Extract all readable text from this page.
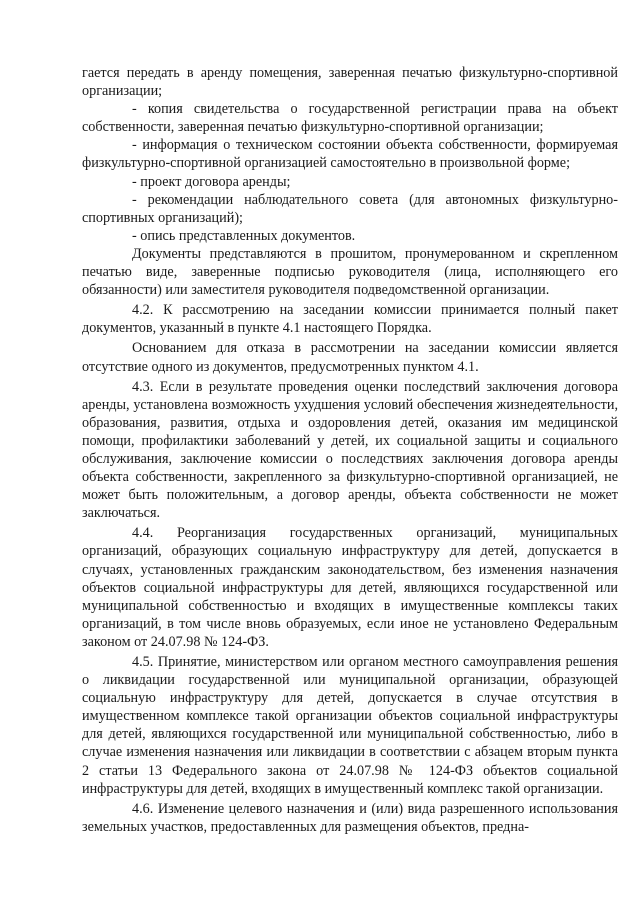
гается передать в аренду помещения, заверенная печатью физкультурно-спортивной организации;

- копия свидетельства о государственной регистрации права на объект собственности, заверенная печатью физкультурно-спортивной организации;

- информация о техническом состоянии объекта собственности, формируемая физкультурно-спортивной организацией самостоятельно в произвольной форме;

- проект договора аренды;

- рекомендации наблюдательного совета (для автономных физкультурно-спортивных организаций);

- опись представленных документов.

Документы представляются в прошитом, пронумерованном и скрепленном печатью виде, заверенные подписью руководителя (лица, исполняющего его обязанности) или заместителя руководителя подведомственной организации.

4.2. К рассмотрению на заседании комиссии принимается полный пакет документов, указанный в пункте 4.1 настоящего Порядка.

Основанием для отказа в рассмотрении на заседании комиссии является отсутствие одного из документов, предусмотренных пунктом 4.1.

4.3. Если в результате проведения оценки последствий заключения договора аренды, установлена возможность ухудшения условий обеспечения жизнедеятельности, образования, развития, отдыха и оздоровления детей, оказания им медицинской помощи, профилактики заболеваний у детей, их социальной защиты и социального обслуживания, заключение комиссии о последствиях заключения договора аренды объекта собственности, закрепленного за физкультурно-спортивной организацией, не может быть положительным, а договор аренды, объекта собственности не может заключаться.

4.4. Реорганизация государственных организаций, муниципальных организаций, образующих социальную инфраструктуру для детей, допускается в случаях, установленных гражданским законодательством, без изменения назначения объектов социальной инфраструктуры для детей, являющихся государственной или муниципальной собственностью и входящих в имущественные комплексы таких организаций, в том числе вновь образуемых, если иное не установлено Федеральным законом от 24.07.98 № 124-ФЗ.

4.5. Принятие, министерством или органом местного самоуправления решения о ликвидации государственной или муниципальной организации, образующей социальную инфраструктуру для детей, допускается в случае отсутствия в имущественном комплексе такой организации объектов социальной инфраструктуры для детей, являющихся государственной или муниципальной собственностью, либо в случае изменения назначения или ликвидации в соответствии с абзацем вторым пункта 2 статьи 13 Федерального закона от 24.07.98 № 124-ФЗ объектов социальной инфраструктуры для детей, входящих в имущественный комплекс такой организации.

4.6. Изменение целевого назначения и (или) вида разрешенного использования земельных участков, предоставленных для размещения объектов, предна-
